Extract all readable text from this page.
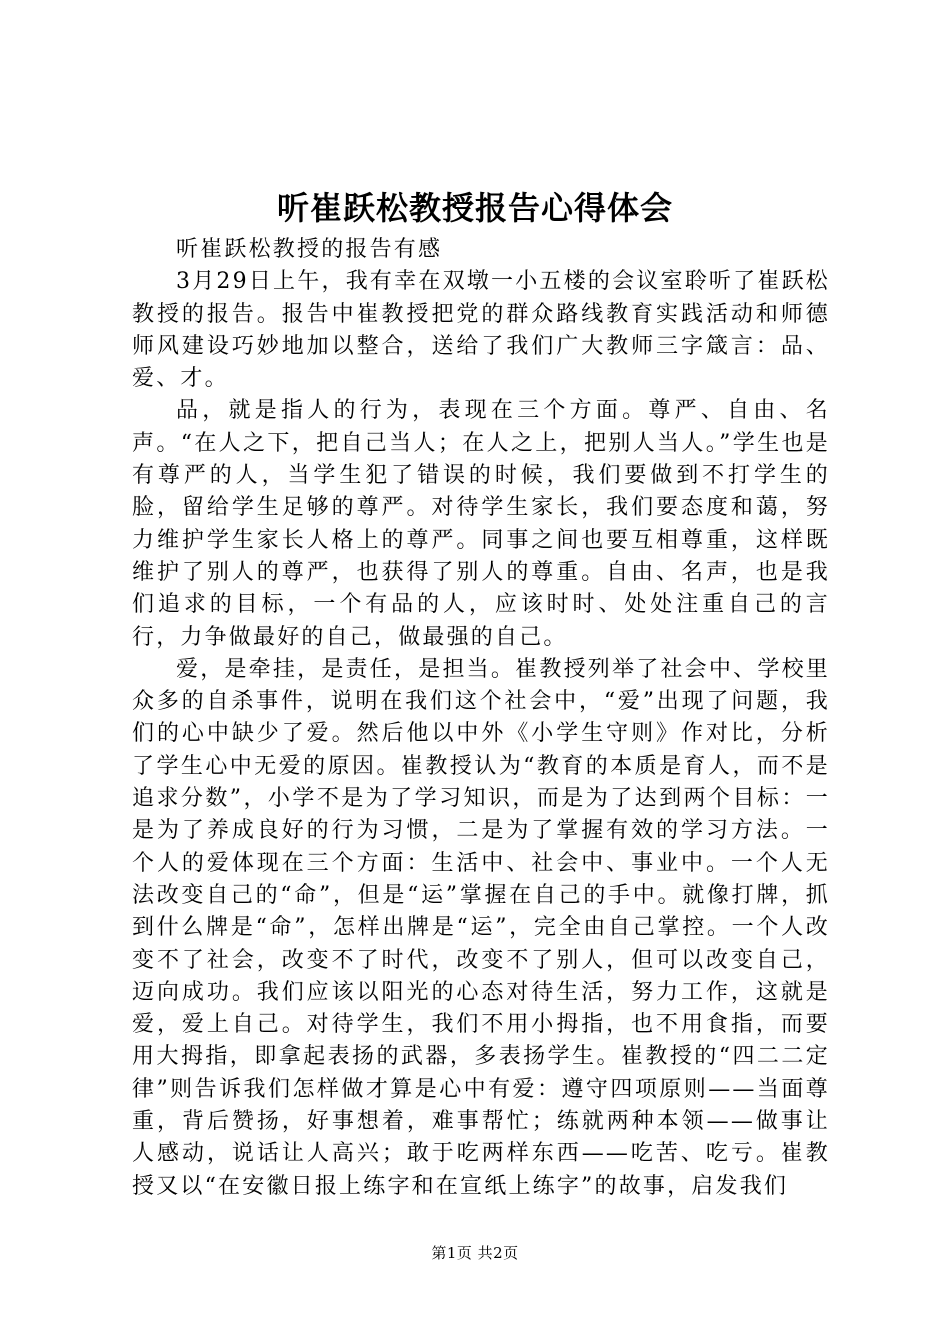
听崔跃松教授报告心得体会

听崔跃松教授的报告有感

3月29日上午，我有幸在双墩一小五楼的会议室聆听了崔跃松教授的报告。报告中崔教授把党的群众路线教育实践活动和师德师风建设巧妙地加以整合，送给了我们广大教师三字箴言：品、爱、才。

品，就是指人的行为，表现在三个方面。尊严、自由、名声。“在人之下，把自己当人；在人之上，把别人当人。”学生也是有尊严的人，当学生犯了错误的时候，我们要做到不打学生的脸，留给学生足够的尊严。对待学生家长，我们要态度和蔼，努力维护学生家长人格上的尊严。同事之间也要互相尊重，这样既维护了别人的尊严，也获得了别人的尊重。自由、名声，也是我们追求的目标，一个有品的人，应该时时、处处注重自己的言行，力争做最好的自己，做最强的自己。

爱，是牵挂，是责任，是担当。崔教授列举了社会中、学校里众多的自杀事件，说明在我们这个社会中，“爱”出现了问题，我们的心中缺少了爱。然后他以中外《小学生守则》作对比，分析了学生心中无爱的原因。崔教授认为“教育的本质是育人，而不是追求分数”，小学不是为了学习知识，而是为了达到两个目标：一是为了养成良好的行为习惯，二是为了掌握有效的学习方法。一个人的爱体现在三个方面：生活中、社会中、事业中。一个人无法改变自己的“命”，但是“运”掌握在自己的手中。就像打牌，抓到什么牌是“命”，怎样出牌是“运”，完全由自己掌控。一个人改变不了社会，改变不了时代，改变不了别人，但可以改变自己，迈向成功。我们应该以阳光的心态对待生活，努力工作，这就是爱，爱上自己。对待学生，我们不用小拇指，也不用食指，而要用大拇指，即拿起表扬的武器，多表扬学生。崔教授的“四二二定律”则告诉我们怎样做才算是心中有爱：遵守四项原则——当面尊重，背后赞扬，好事想着，难事帮忙；练就两种本领——做事让人感动，说话让人高兴；敢于吃两样东西——吃苦、吃亏。崔教授又以“在安徽日报上练字和在宣纸上练字”的故事，启发我们

第1页 共2页
